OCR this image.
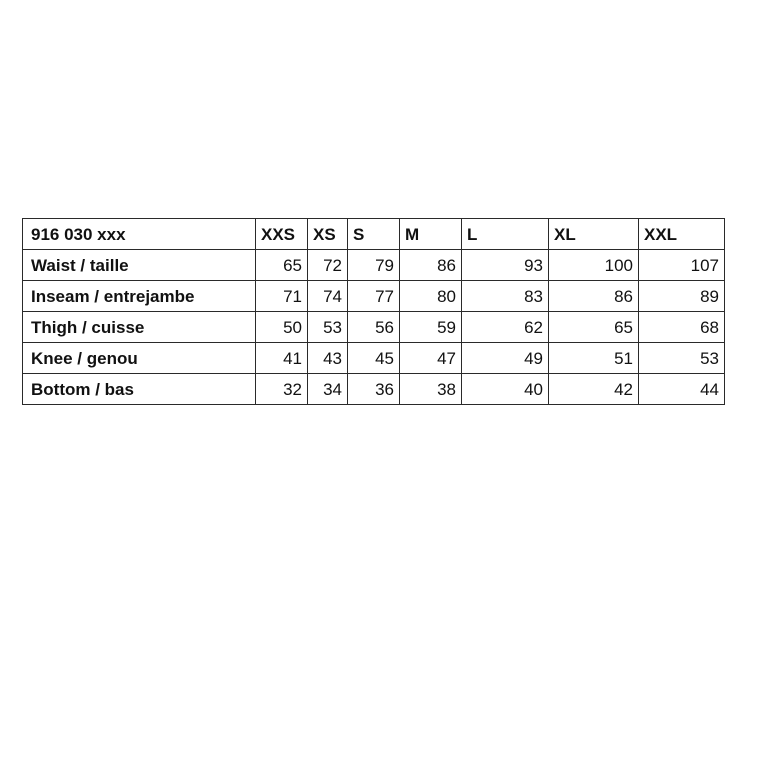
916 030 xxx	XXS	XS	S	M	L	XL	XXL
Waist / taille	65	72	79	86	93	100	107
Inseam / entrejambe	71	74	77	80	83	86	89
Thigh / cuisse	50	53	56	59	62	65	68
Knee / genou	41	43	45	47	49	51	53
Bottom / bas	32	34	36	38	40	42	44
